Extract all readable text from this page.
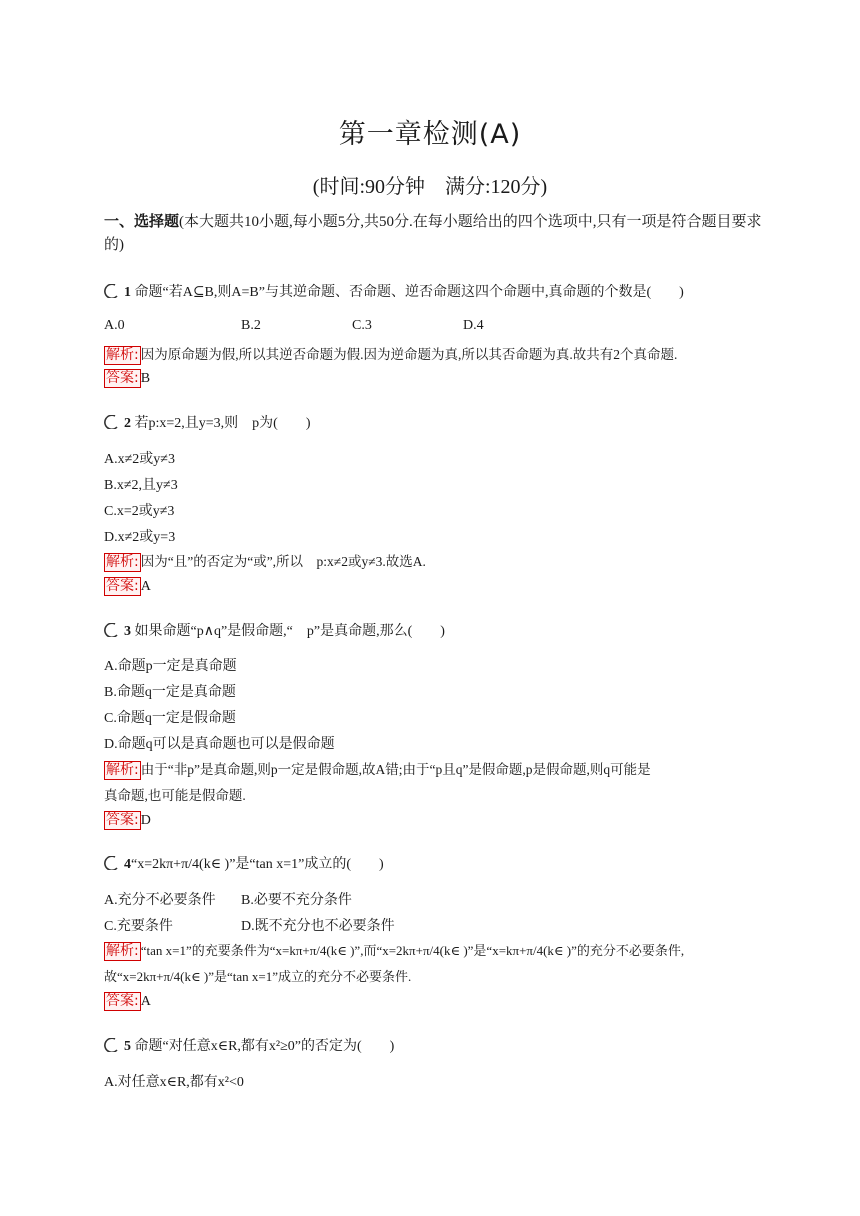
第一章检测(A)
(时间:90分钟　满分:120分)
一、选择题(本大题共10小题,每小题5分,共50分.在每小题给出的四个选项中,只有一项是符合题目要求的)
1 命题“若A⊆B,则A=B”与其逆命题、否命题、逆否命题这四个命题中,真命题的个数是(　　)
A.0	B.2	C.3	D.4
解析: 因为原命题为假,所以其逆否命题为假.因为逆命题为真,所以其否命题为真.故共有2个真命题.
答案: B
2 若p:x=2,且y=3,则　p为(　　)
A.x≠2或y≠3
B.x≠2,且y≠3
C.x=2或y≠3
D.x≠2或y=3
解析: 因为“且”的否定为“或”,所以　p:x≠2或y≠3.故选A.
答案: A
3 如果命题“p∧q”是假命题,“　p”是真命题,那么(　　)
A.命题p一定是真命题
B.命题q一定是真命题
C.命题q一定是假命题
D.命题q可以是真命题也可以是假命题
解析: 由于“非p”是真命题,则p一定是假命题,故A错;由于“p且q”是假命题,p是假命题,则q可能是
真命题,也可能是假命题.
答案: D
4“x=2kπ+π/4(k∈ )”是“tan x=1”成立的(　　)
A.充分不必要条件 B.必要不充分条件
C.充要条件	D.既不充分也不必要条件
解析: “tan x=1”的充要条件为“x=kπ+π/4(k∈ )”,而“x=2kπ+π/4(k∈ )”是“x=kπ+π/4(k∈ )”的充分不必要条件,
故“x=2kπ+π/4(k∈ )”是“tan x=1”成立的充分不必要条件.
答案: A
5 命题“对任意x∈R,都有x²≥0”的否定为(　　)
A.对任意x∈R,都有x²<0
